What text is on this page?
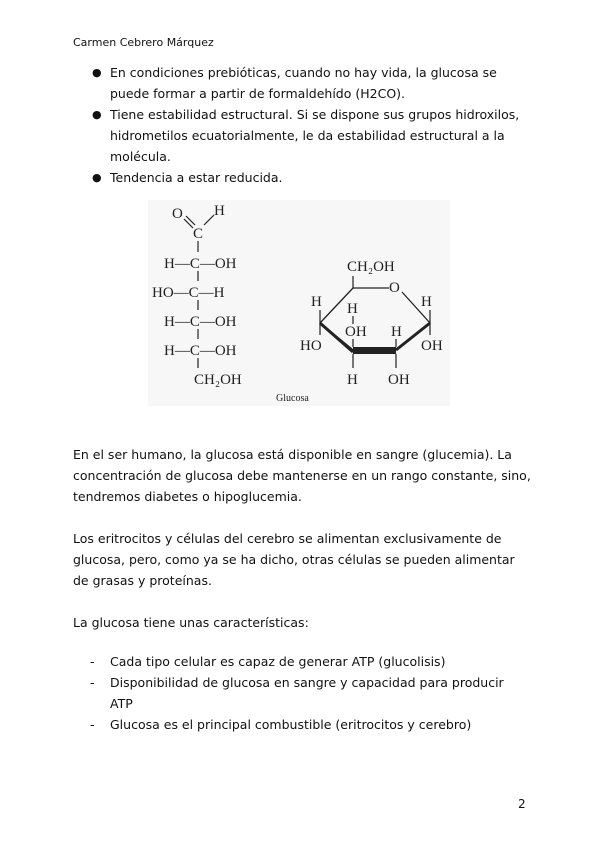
Carmen Cebrero Márquez
● En condiciones prebióticas, cuando no hay vida, la glucosa se puede formar a partir de formaldehído (H2CO).
● Tiene estabilidad estructural. Si se dispone sus grupos hidroxilos, hidrometilos ecuatorialmente, le da estabilidad estructural a la molécula.
● Tendencia a estar reducida.
O H
C
H—C—OH
HO—C—H
H—C—OH
H—C—OH
CH₂OH
CH₂OH
O
H H	H
OH H
HO	OH
H OH
Glucosa

En el ser humano, la glucosa está disponible en sangre (glucemia). La concentración de glucosa debe mantenerse en un rango constante, sino, tendremos diabetes o hipoglucemia.

Los eritrocitos y células del cerebro se alimentan exclusivamente de glucosa, pero, como ya se ha dicho, otras células se pueden alimentar de grasas y proteínas.

La glucosa tiene unas características:

- Cada tipo celular es capaz de generar ATP (glucolisis)
- Disponibilidad de glucosa en sangre y capacidad para producir ATP
- Glucosa es el principal combustible (eritrocitos y cerebro)
2
